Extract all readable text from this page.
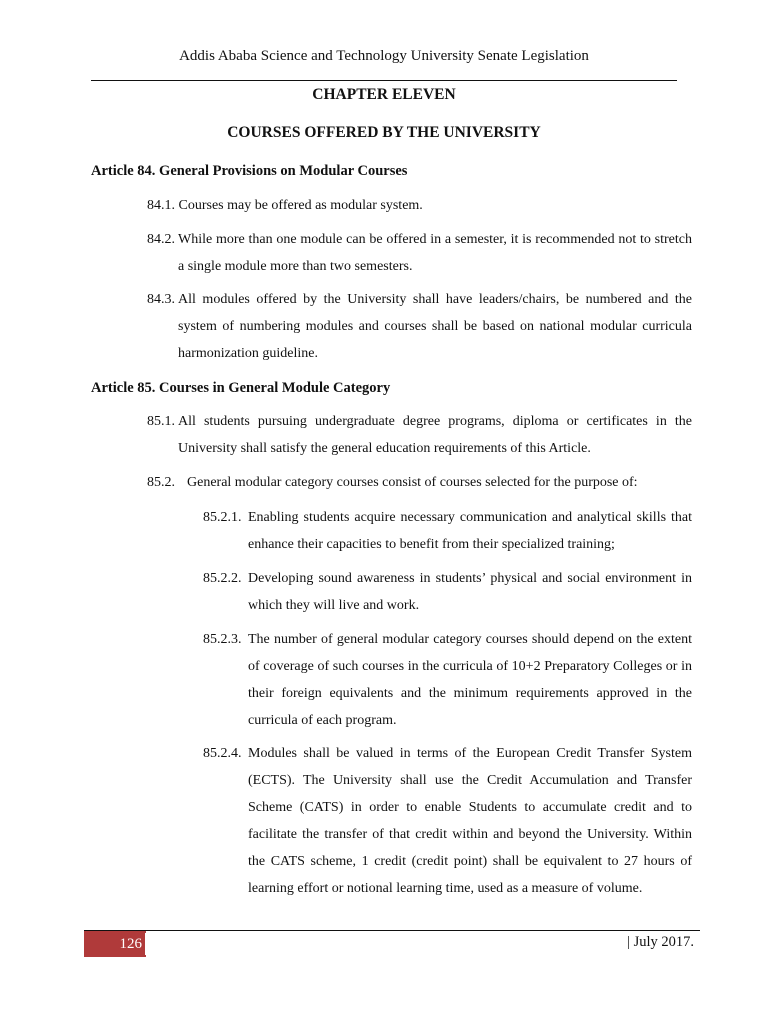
Addis Ababa Science and Technology University Senate Legislation
CHAPTER ELEVEN
COURSES OFFERED BY THE UNIVERSITY
Article 84. General Provisions on Modular Courses
84.1. Courses may be offered as modular system.
84.2. While more than one module can be offered in a semester, it is recommended not to stretch a single module more than two semesters.
84.3. All modules offered by the University shall have leaders/chairs, be numbered and the system of numbering modules and courses shall be based on national modular curricula harmonization guideline.
Article 85. Courses in General Module Category
85.1. All students pursuing undergraduate degree programs, diploma or certificates in the University shall satisfy the general education requirements of this Article.
85.2. General modular category courses consist of courses selected for the purpose of:
85.2.1. Enabling students acquire necessary communication and analytical skills that enhance their capacities to benefit from their specialized training;
85.2.2. Developing sound awareness in students’ physical and social environment in which they will live and work.
85.2.3. The number of general modular category courses should depend on the extent of coverage of such courses in the curricula of 10+2 Preparatory Colleges or in their foreign equivalents and the minimum requirements approved in the curricula of each program.
85.2.4. Modules shall be valued in terms of the European Credit Transfer System (ECTS). The University shall use the Credit Accumulation and Transfer Scheme (CATS) in order to enable Students to accumulate credit and to facilitate the transfer of that credit within and beyond the University. Within the CATS scheme, 1 credit (credit point) shall be equivalent to 27 hours of learning effort or notional learning time, used as a measure of volume.
126	| July 2017.
